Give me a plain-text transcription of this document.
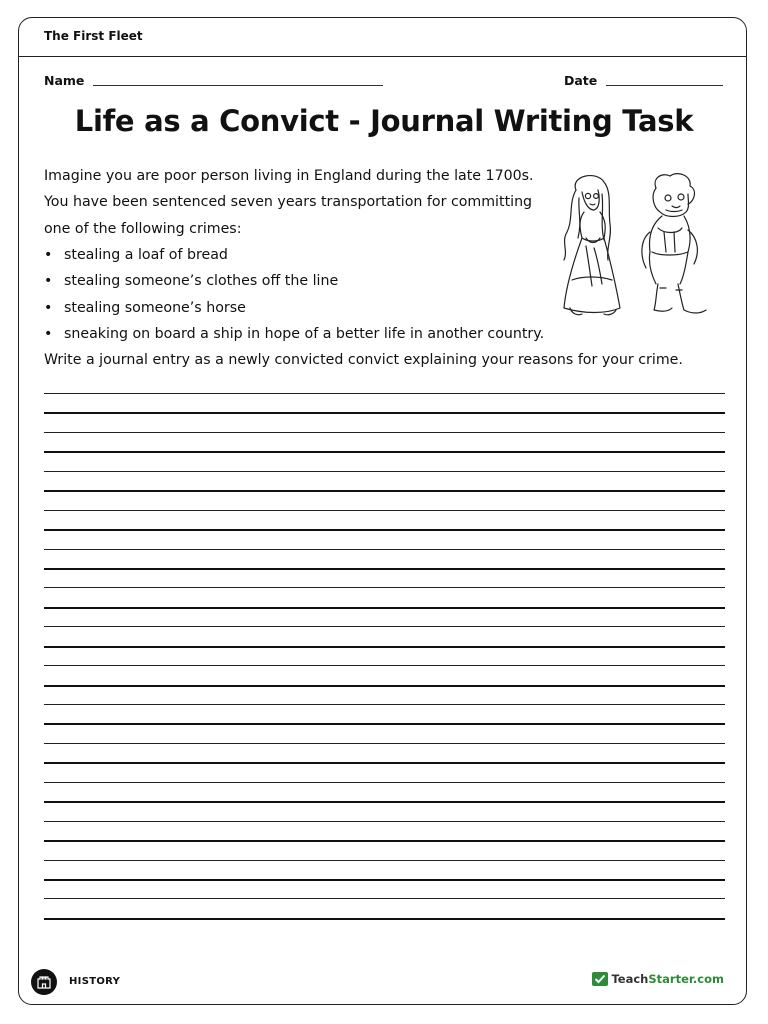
The First Fleet
Name	Date
Life as a Convict - Journal Writing Task

Imagine you are poor person living in England during the late 1700s.

You have been sentenced seven years transportation for committing

one of the following crimes:

• stealing a loaf of bread
• stealing someone’s clothes off the line
• stealing someone’s horse
• sneaking on board a ship in hope of a better life in another country.
Write a journal entry as a newly convicted convict explaining your reasons for your crime.
HISTORY	TeachStarter.com
